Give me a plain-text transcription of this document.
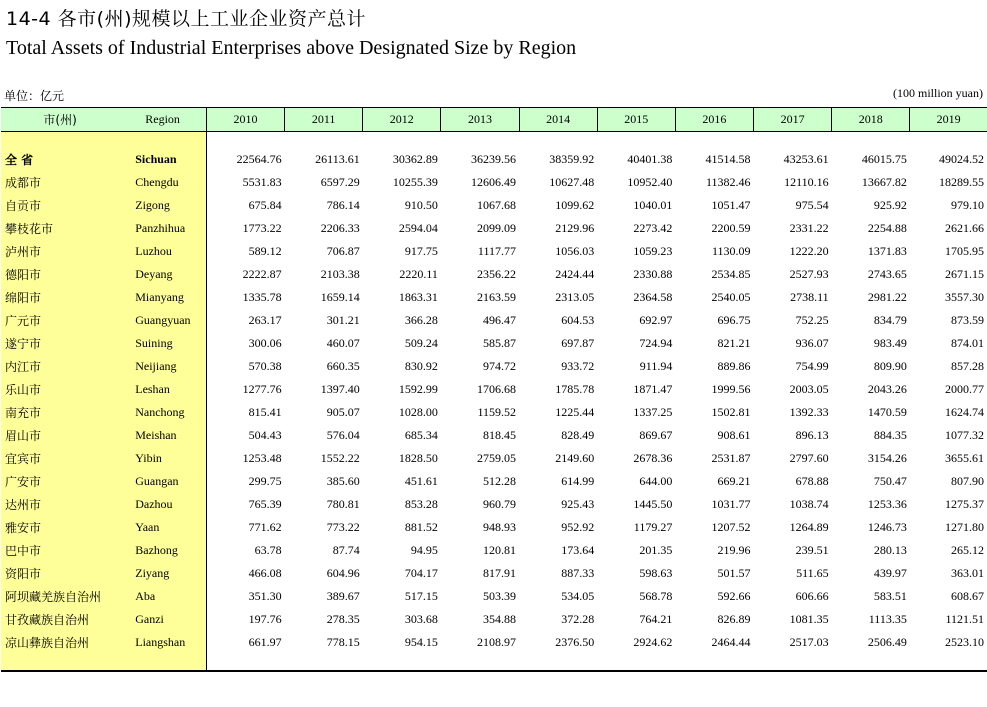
14-4 各市(州)规模以上工业企业资产总计
Total Assets of Industrial Enterprises above Designated Size by Region
单位：亿元	(100 million yuan)
市(州)	Region	2010	2011	2012	2013	2014	2015	2016	2017	2018	2019

全 省	Sichuan	22564.76	26113.61	30362.89	36239.56	38359.92	40401.38	41514.58	43253.61	46015.75	49024.52
成都市	Chengdu	5531.83	6597.29	10255.39	12606.49	10627.48	10952.40	11382.46	12110.16	13667.82	18289.55
自贡市	Zigong	675.84	786.14	910.50	1067.68	1099.62	1040.01	1051.47	975.54	925.92	979.10
攀枝花市	Panzhihua	1773.22	2206.33	2594.04	2099.09	2129.96	2273.42	2200.59	2331.22	2254.88	2621.66
泸州市	Luzhou	589.12	706.87	917.75	1117.77	1056.03	1059.23	1130.09	1222.20	1371.83	1705.95
德阳市	Deyang	2222.87	2103.38	2220.11	2356.22	2424.44	2330.88	2534.85	2527.93	2743.65	2671.15
绵阳市	Mianyang	1335.78	1659.14	1863.31	2163.59	2313.05	2364.58	2540.05	2738.11	2981.22	3557.30
广元市	Guangyuan	263.17	301.21	366.28	496.47	604.53	692.97	696.75	752.25	834.79	873.59
遂宁市	Suining	300.06	460.07	509.24	585.87	697.87	724.94	821.21	936.07	983.49	874.01
内江市	Neijiang	570.38	660.35	830.92	974.72	933.72	911.94	889.86	754.99	809.90	857.28
乐山市	Leshan	1277.76	1397.40	1592.99	1706.68	1785.78	1871.47	1999.56	2003.05	2043.26	2000.77
南充市	Nanchong	815.41	905.07	1028.00	1159.52	1225.44	1337.25	1502.81	1392.33	1470.59	1624.74
眉山市	Meishan	504.43	576.04	685.34	818.45	828.49	869.67	908.61	896.13	884.35	1077.32
宜宾市	Yibin	1253.48	1552.22	1828.50	2759.05	2149.60	2678.36	2531.87	2797.60	3154.26	3655.61
广安市	Guangan	299.75	385.60	451.61	512.28	614.99	644.00	669.21	678.88	750.47	807.90
达州市	Dazhou	765.39	780.81	853.28	960.79	925.43	1445.50	1031.77	1038.74	1253.36	1275.37
雅安市	Yaan	771.62	773.22	881.52	948.93	952.92	1179.27	1207.52	1264.89	1246.73	1271.80
巴中市	Bazhong	63.78	87.74	94.95	120.81	173.64	201.35	219.96	239.51	280.13	265.12
资阳市	Ziyang	466.08	604.96	704.17	817.91	887.33	598.63	501.57	511.65	439.97	363.01
阿坝藏羌族自治州	Aba	351.30	389.67	517.15	503.39	534.05	568.78	592.66	606.66	583.51	608.67
甘孜藏族自治州	Ganzi	197.76	278.35	303.68	354.88	372.28	764.21	826.89	1081.35	1113.35	1121.51
凉山彝族自治州	Liangshan	661.97	778.15	954.15	2108.97	2376.50	2924.62	2464.44	2517.03	2506.49	2523.10
